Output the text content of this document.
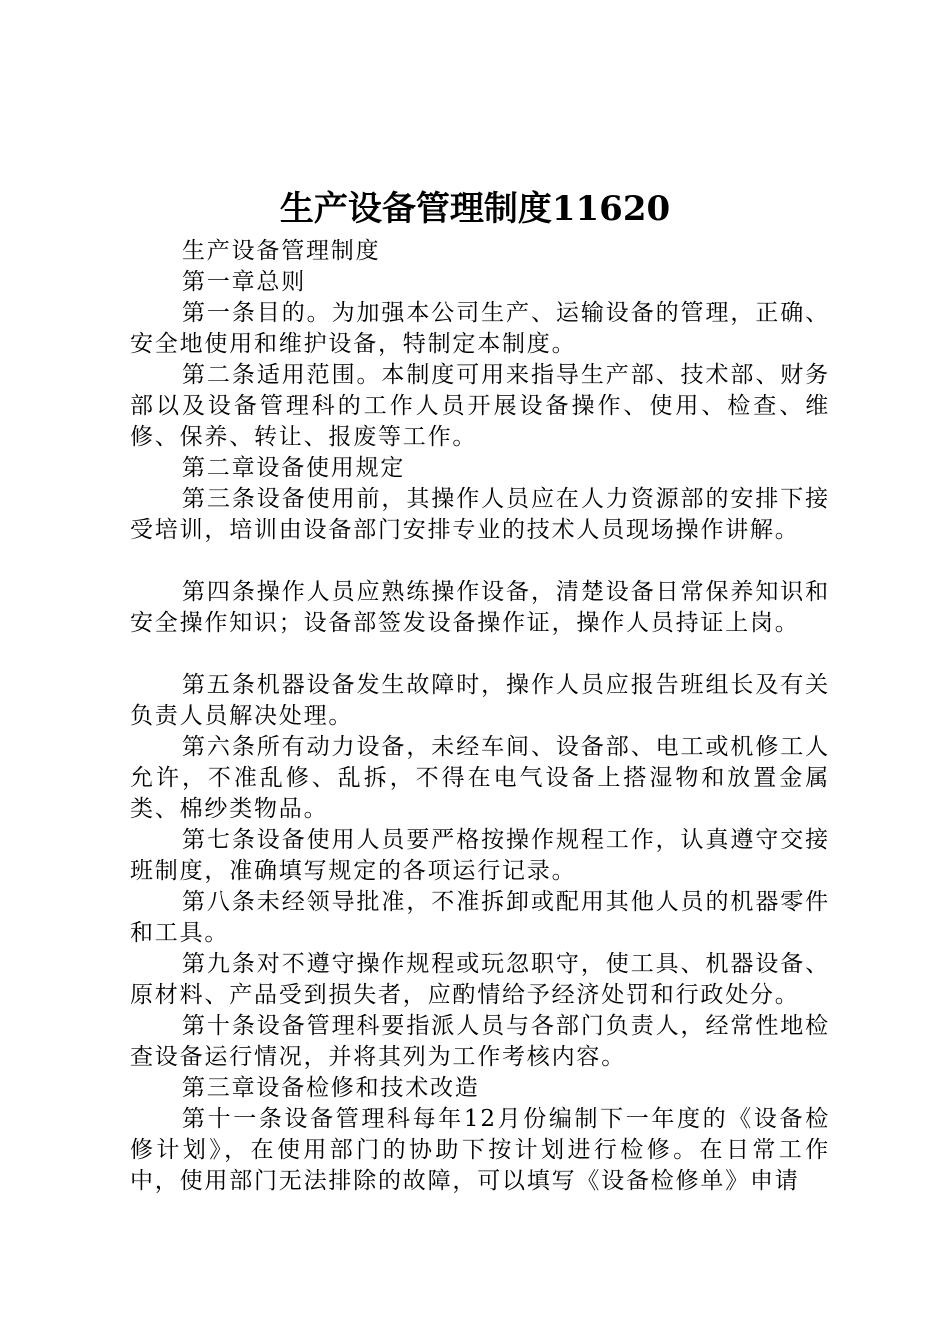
生产设备管理制度11620

生产设备管理制度

第一章总则

第一条目的。为加强本公司生产、运输设备的管理，正确、安全地使用和维护设备，特制定本制度。

第二条适用范围。本制度可用来指导生产部、技术部、财务部以及设备管理科的工作人员开展设备操作、使用、检查、维修、保养、转让、报废等工作。

第二章设备使用规定

第三条设备使用前，其操作人员应在人力资源部的安排下接受培训，培训由设备部门安排专业的技术人员现场操作讲解。

第四条操作人员应熟练操作设备，清楚设备日常保养知识和安全操作知识；设备部签发设备操作证，操作人员持证上岗。

第五条机器设备发生故障时，操作人员应报告班组长及有关负责人员解决处理。

第六条所有动力设备，未经车间、设备部、电工或机修工人允许，不准乱修、乱拆，不得在电气设备上搭湿物和放置金属类、棉纱类物品。

第七条设备使用人员要严格按操作规程工作，认真遵守交接班制度，准确填写规定的各项运行记录。

第八条未经领导批准，不准拆卸或配用其他人员的机器零件和工具。

第九条对不遵守操作规程或玩忽职守，使工具、机器设备、原材料、产品受到损失者，应酌情给予经济处罚和行政处分。

第十条设备管理科要指派人员与各部门负责人，经常性地检查设备运行情况，并将其列为工作考核内容。

第三章设备检修和技术改造

第十一条设备管理科每年12月份编制下一年度的《设备检修计划》，在使用部门的协助下按计划进行检修。在日常工作中，使用部门无法排除的故障，可以填写《设备检修单》申请
